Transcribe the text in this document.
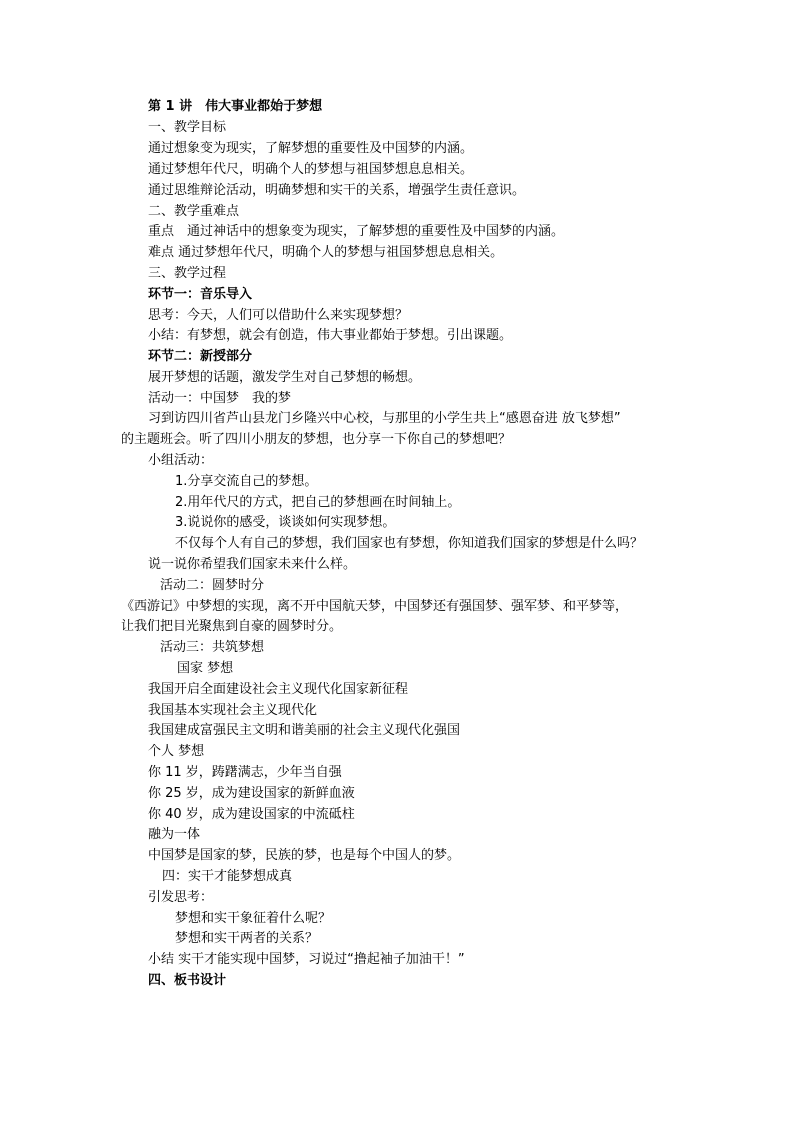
第 1 讲　伟大事业都始于梦想
一、教学目标
通过想象变为现实，了解梦想的重要性及中国梦的内涵。
通过梦想年代尺，明确个人的梦想与祖国梦想息息相关。
通过思维辩论活动，明确梦想和实干的关系，增强学生责任意识。
二、教学重难点
重点　通过神话中的想象变为现实，了解梦想的重要性及中国梦的内涵。
难点 通过梦想年代尺，明确个人的梦想与祖国梦想息息相关。
三、教学过程
环节一：音乐导入
思考：今天，人们可以借助什么来实现梦想？
小结：有梦想，就会有创造，伟大事业都始于梦想。引出课题。
环节二：新授部分
展开梦想的话题，激发学生对自己梦想的畅想。
活动一：中国梦　我的梦
习到访四川省芦山县龙门乡隆兴中心校，与那里的小学生共上“感恩奋进 放飞梦想”
的主题班会。听了四川小朋友的梦想，也分享一下你自己的梦想吧？
小组活动：
1.分享交流自己的梦想。
2.用年代尺的方式，把自己的梦想画在时间轴上。
3.说说你的感受，谈谈如何实现梦想。
不仅每个人有自己的梦想，我们国家也有梦想，你知道我们国家的梦想是什么吗？
说一说你希望我们国家未来什么样。
活动二：圆梦时分
《西游记》中梦想的实现，离不开中国航天梦，中国梦还有强国梦、强军梦、和平梦等，
让我们把目光聚焦到自豪的圆梦时分。
活动三：共筑梦想
国家 梦想
我国开启全面建设社会主义现代化国家新征程
我国基本实现社会主义现代化
我国建成富强民主文明和谐美丽的社会主义现代化强国
个人 梦想
你 11 岁，踌躇满志，少年当自强
你 25 岁，成为建设国家的新鲜血液
你 40 岁，成为建设国家的中流砥柱
融为一体
中国梦是国家的梦，民族的梦，也是每个中国人的梦。
四：实干才能梦想成真
引发思考：
梦想和实干象征着什么呢？
梦想和实干两者的关系？
小结 实干才能实现中国梦，习说过“撸起袖子加油干！”
四、板书设计
